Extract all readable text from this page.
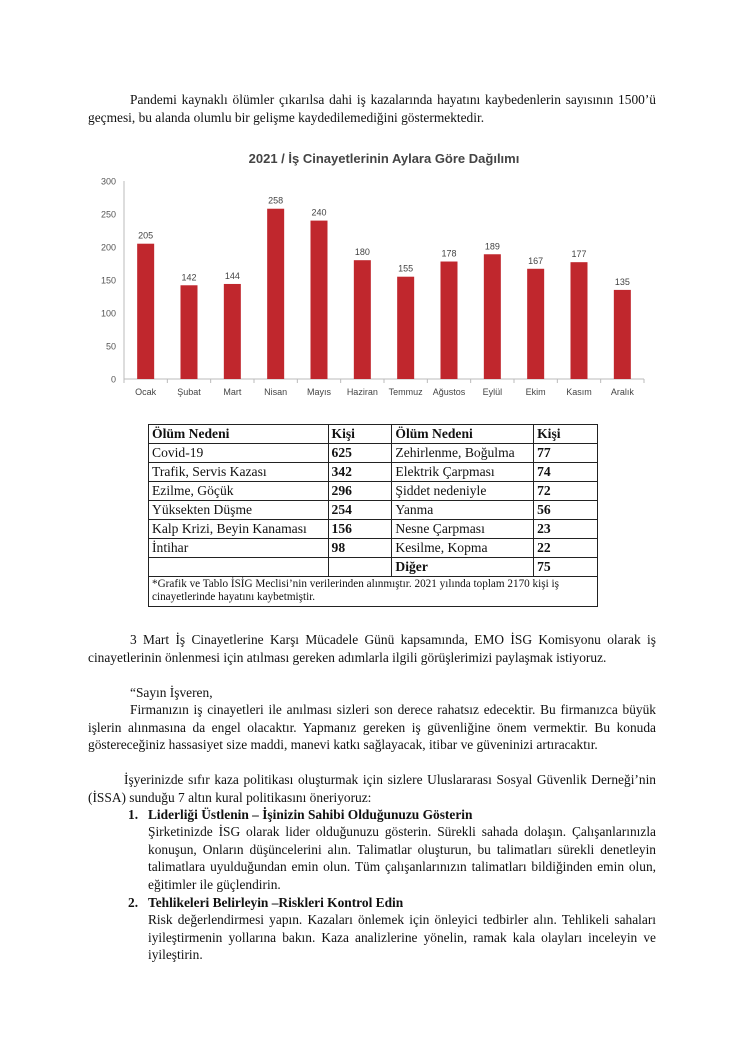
Pandemi kaynaklı ölümler çıkarılsa dahi iş kazalarında hayatını kaybedenlerin sayısının 1500’ü geçmesi, bu alanda olumlu bir gelişme kaydedilemediğini göstermektedir.

2021 / İş Cinayetlerinin Aylara Göre Dağılımı
0
50
100
150
200
250
300
205
Ocak
142
Şubat
144
Mart
258
Nisan
240
Mayıs
180
Haziran
155
Temmuz
178
Ağustos
189
Eylül
167
Ekim
177
Kasım
135
Aralık
Ölüm Nedeni	Kişi	Ölüm Nedeni	Kişi
Covid-19	625	Zehirlenme, Boğulma	77
Trafik, Servis Kazası	342	Elektrik Çarpması	74
Ezilme, Göçük	296	Şiddet nedeniyle	72
Yüksekten Düşme	254	Yanma	56
Kalp Krizi, Beyin Kanaması	156	Nesne Çarpması	23
İntihar	98	Kesilme, Kopma	22
		Diğer	75
*Grafik ve Tablo İSİG Meclisi’nin verilerinden alınmıştır. 2021 yılında toplam 2170 kişi iş cinayetlerinde hayatını kaybetmiştir.			

3 Mart İş Cinayetlerine Karşı Mücadele Günü kapsamında, EMO İSG Komisyonu olarak iş cinayetlerinin önlenmesi için atılması gereken adımlarla ilgili görüşlerimizi paylaşmak istiyoruz.

“Sayın İşveren,

Firmanızın iş cinayetleri ile anılması sizleri son derece rahatsız edecektir. Bu firmanızca büyük işlerin alınmasına da engel olacaktır. Yapmanız gereken iş güvenliğine önem vermektir. Bu konuda göstereceğiniz hassasiyet size maddi, manevi katkı sağlayacak, itibar ve güveninizi artıracaktır.

İşyerinizde sıfır kaza politikası oluşturmak için sizlere Uluslararası Sosyal Güvenlik Derneği’nin (İSSA) sunduğu 7 altın kural politikasını öneriyoruz:

1. Liderliği Üstlenin – İşinizin Sahibi Olduğunuzu Gösterin

Şirketinizde İSG olarak lider olduğunuzu gösterin. Sürekli sahada dolaşın. Çalışanlarınızla konuşun, Onların düşüncelerini alın. Talimatlar oluşturun, bu talimatları sürekli denetleyin talimatlara uyulduğundan emin olun. Tüm çalışanlarınızın talimatları bildiğinden emin olun, eğitimler ile güçlendirin.

2. Tehlikeleri Belirleyin –Riskleri Kontrol Edin

Risk değerlendirmesi yapın. Kazaları önlemek için önleyici tedbirler alın. Tehlikeli sahaları iyileştirmenin yollarına bakın. Kaza analizlerine yönelin, ramak kala olayları inceleyin ve iyileştirin.
